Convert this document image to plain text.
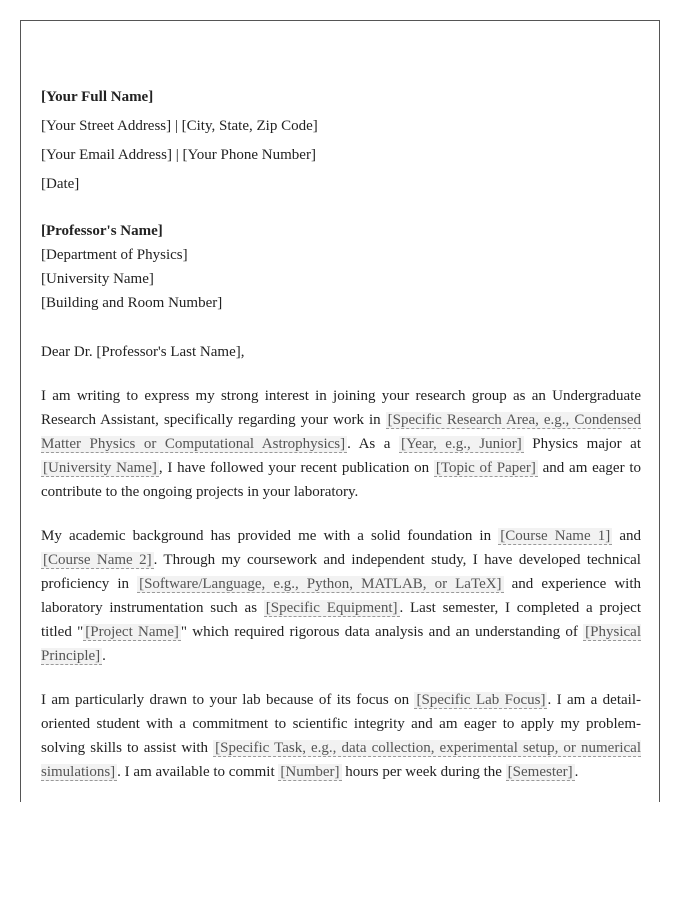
[Your Full Name]
[Your Street Address] | [City, State, Zip Code]
[Your Email Address] | [Your Phone Number]
[Date]
[Professor's Name]
[Department of Physics]
[University Name]
[Building and Room Number]
Dear Dr. [Professor's Last Name],

I am writing to express my strong interest in joining your research group as an Undergraduate Research Assistant, specifically regarding your work in [Specific Research Area, e.g., Condensed Matter Physics or Computational Astrophysics] . As a [Year, e.g., Junior] Physics major at [University Name] , I have followed your recent publication on [Topic of Paper] and am eager to contribute to the ongoing projects in your laboratory.

My academic background has provided me with a solid foundation in [Course Name 1] and [Course Name 2] . Through my coursework and independent study, I have developed technical proficiency in [Software/Language, e.g., Python, MATLAB, or LaTeX] and experience with laboratory instrumentation such as [Specific Equipment] . Last semester, I completed a project titled " [Project Name] " which required rigorous data analysis and an understanding of [Physical Principle] .

I am particularly drawn to your lab because of its focus on [Specific Lab Focus] . I am a detail-oriented student with a commitment to scientific integrity and am eager to apply my problem-solving skills to assist with [Specific Task, e.g., data collection, experimental setup, or numerical simulations] . I am available to commit [Number] hours per week during the [Semester] .
